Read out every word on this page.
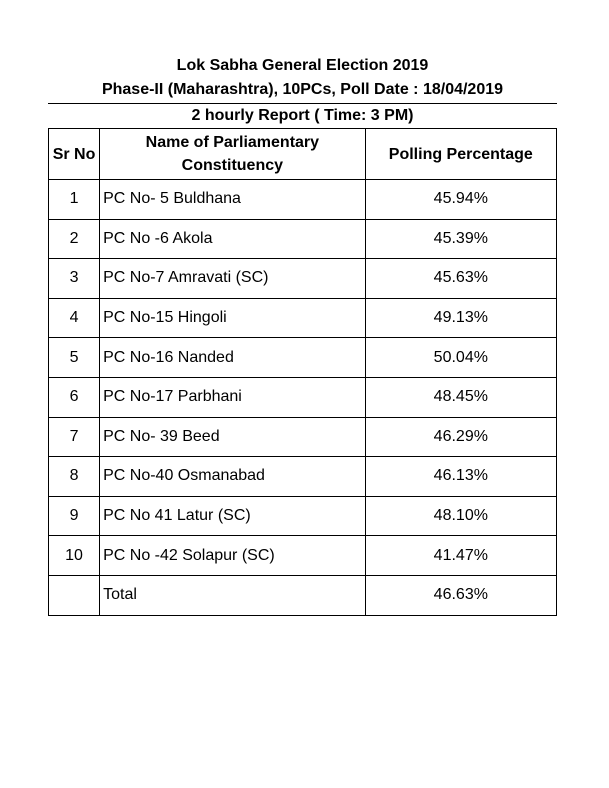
Lok Sabha General Election 2019
Phase-II (Maharashtra), 10PCs, Poll Date : 18/04/2019
2 hourly Report ( Time: 3 PM)
Sr No	Name of Parliamentary Constituency	Polling Percentage
1	PC No- 5 Buldhana	45.94%
2	PC No -6 Akola	45.39%
3	PC No-7 Amravati (SC)	45.63%
4	PC No-15 Hingoli	49.13%
5	PC No-16 Nanded	50.04%
6	PC No-17 Parbhani	48.45%
7	PC No- 39 Beed	46.29%
8	PC No-40 Osmanabad	46.13%
9	PC No 41 Latur (SC)	48.10%
10	PC No -42 Solapur (SC)	41.47%
	Total	46.63%
